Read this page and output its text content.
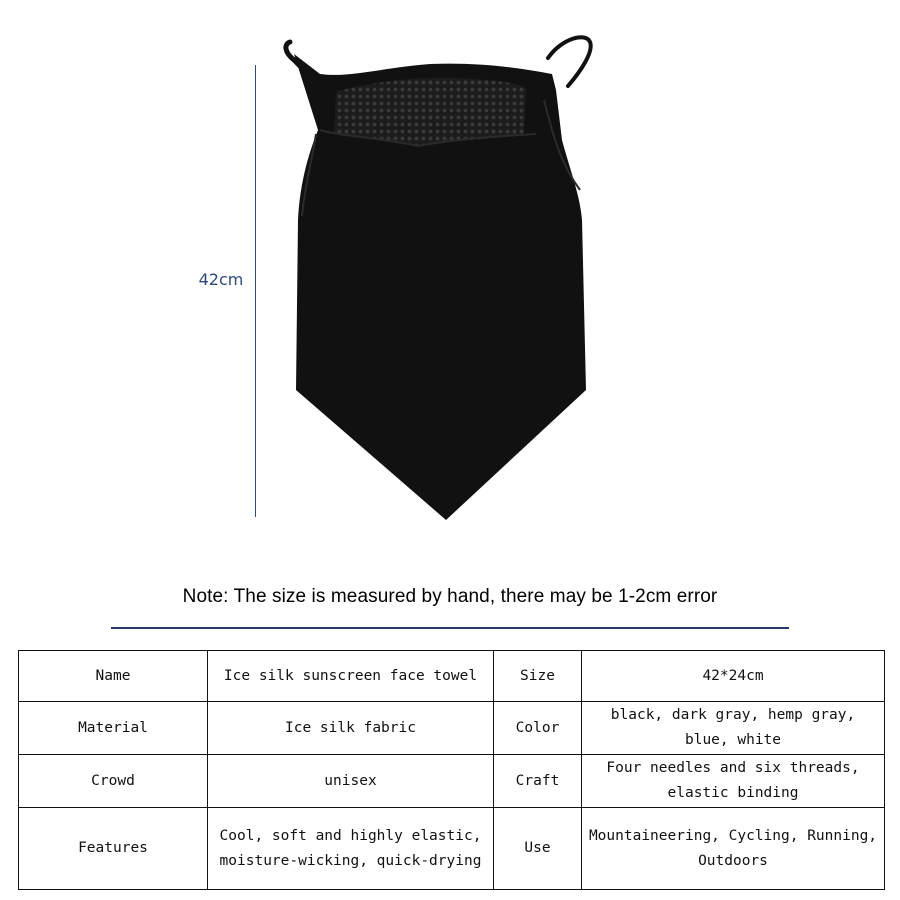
42cm
Note: The size is measured by hand, there may be 1-2cm error
Name	Ice silk sunscreen face towel	Size	42*24cm
Material	Ice silk fabric	Color	black, dark gray, hemp gray, blue, white
Crowd	unisex	Craft	Four needles and six threads, elastic binding
Features	Cool, soft and highly elastic, moisture-wicking, quick-drying	Use	Mountaineering, Cycling, Running, Outdoors
